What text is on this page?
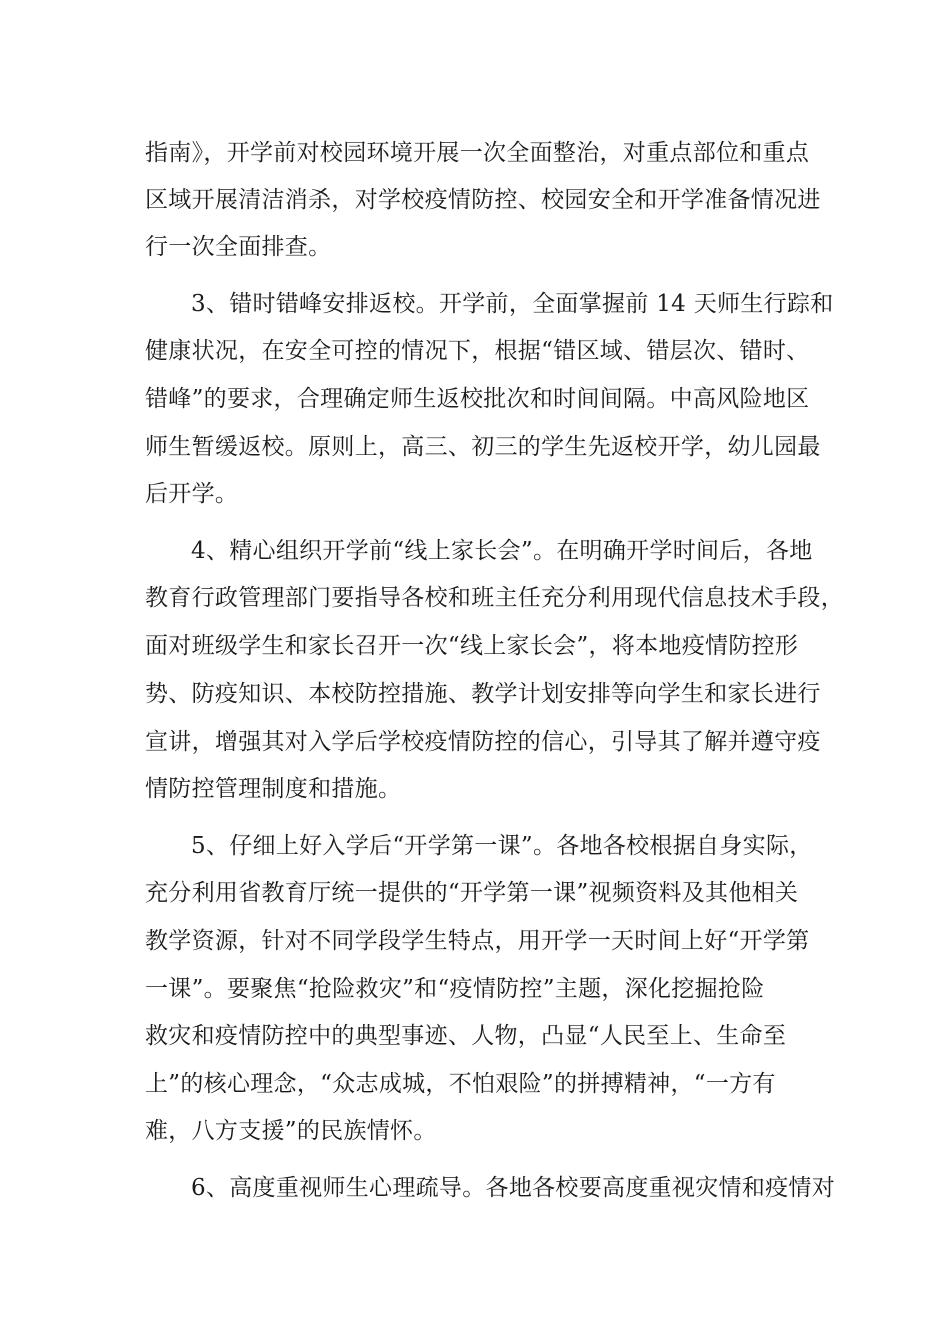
指南》，开学前对校园环境开展一次全面整治，对重点部位和重点
区域开展清洁消杀，对学校疫情防控、校园安全和开学准备情况进
行一次全面排查。
3、错时错峰安排返校。开学前，全面掌握前 14 天师生行踪和
健康状况，在安全可控的情况下，根据“错区域、错层次、错时、
错峰”的要求，合理确定师生返校批次和时间间隔。中高风险地区
师生暂缓返校。原则上，高三、初三的学生先返校开学，幼儿园最
后开学。
4、精心组织开学前“线上家长会”。在明确开学时间后，各地
教育行政管理部门要指导各校和班主任充分利用现代信息技术手段，
面对班级学生和家长召开一次“线上家长会”，将本地疫情防控形
势、防疫知识、本校防控措施、教学计划安排等向学生和家长进行
宣讲，增强其对入学后学校疫情防控的信心，引导其了解并遵守疫
情防控管理制度和措施。
5、仔细上好入学后“开学第一课”。各地各校根据自身实际，
充分利用省教育厅统一提供的“开学第一课”视频资料及其他相关
教学资源，针对不同学段学生特点，用开学一天时间上好“开学第
一课”。要聚焦“抢险救灾”和“疫情防控”主题，深化挖掘抢险
救灾和疫情防控中的典型事迹、人物，凸显“人民至上、生命至
上”的核心理念，“众志成城，不怕艰险”的拼搏精神，“一方有
难，八方支援”的民族情怀。
6、高度重视师生心理疏导。各地各校要高度重视灾情和疫情对
